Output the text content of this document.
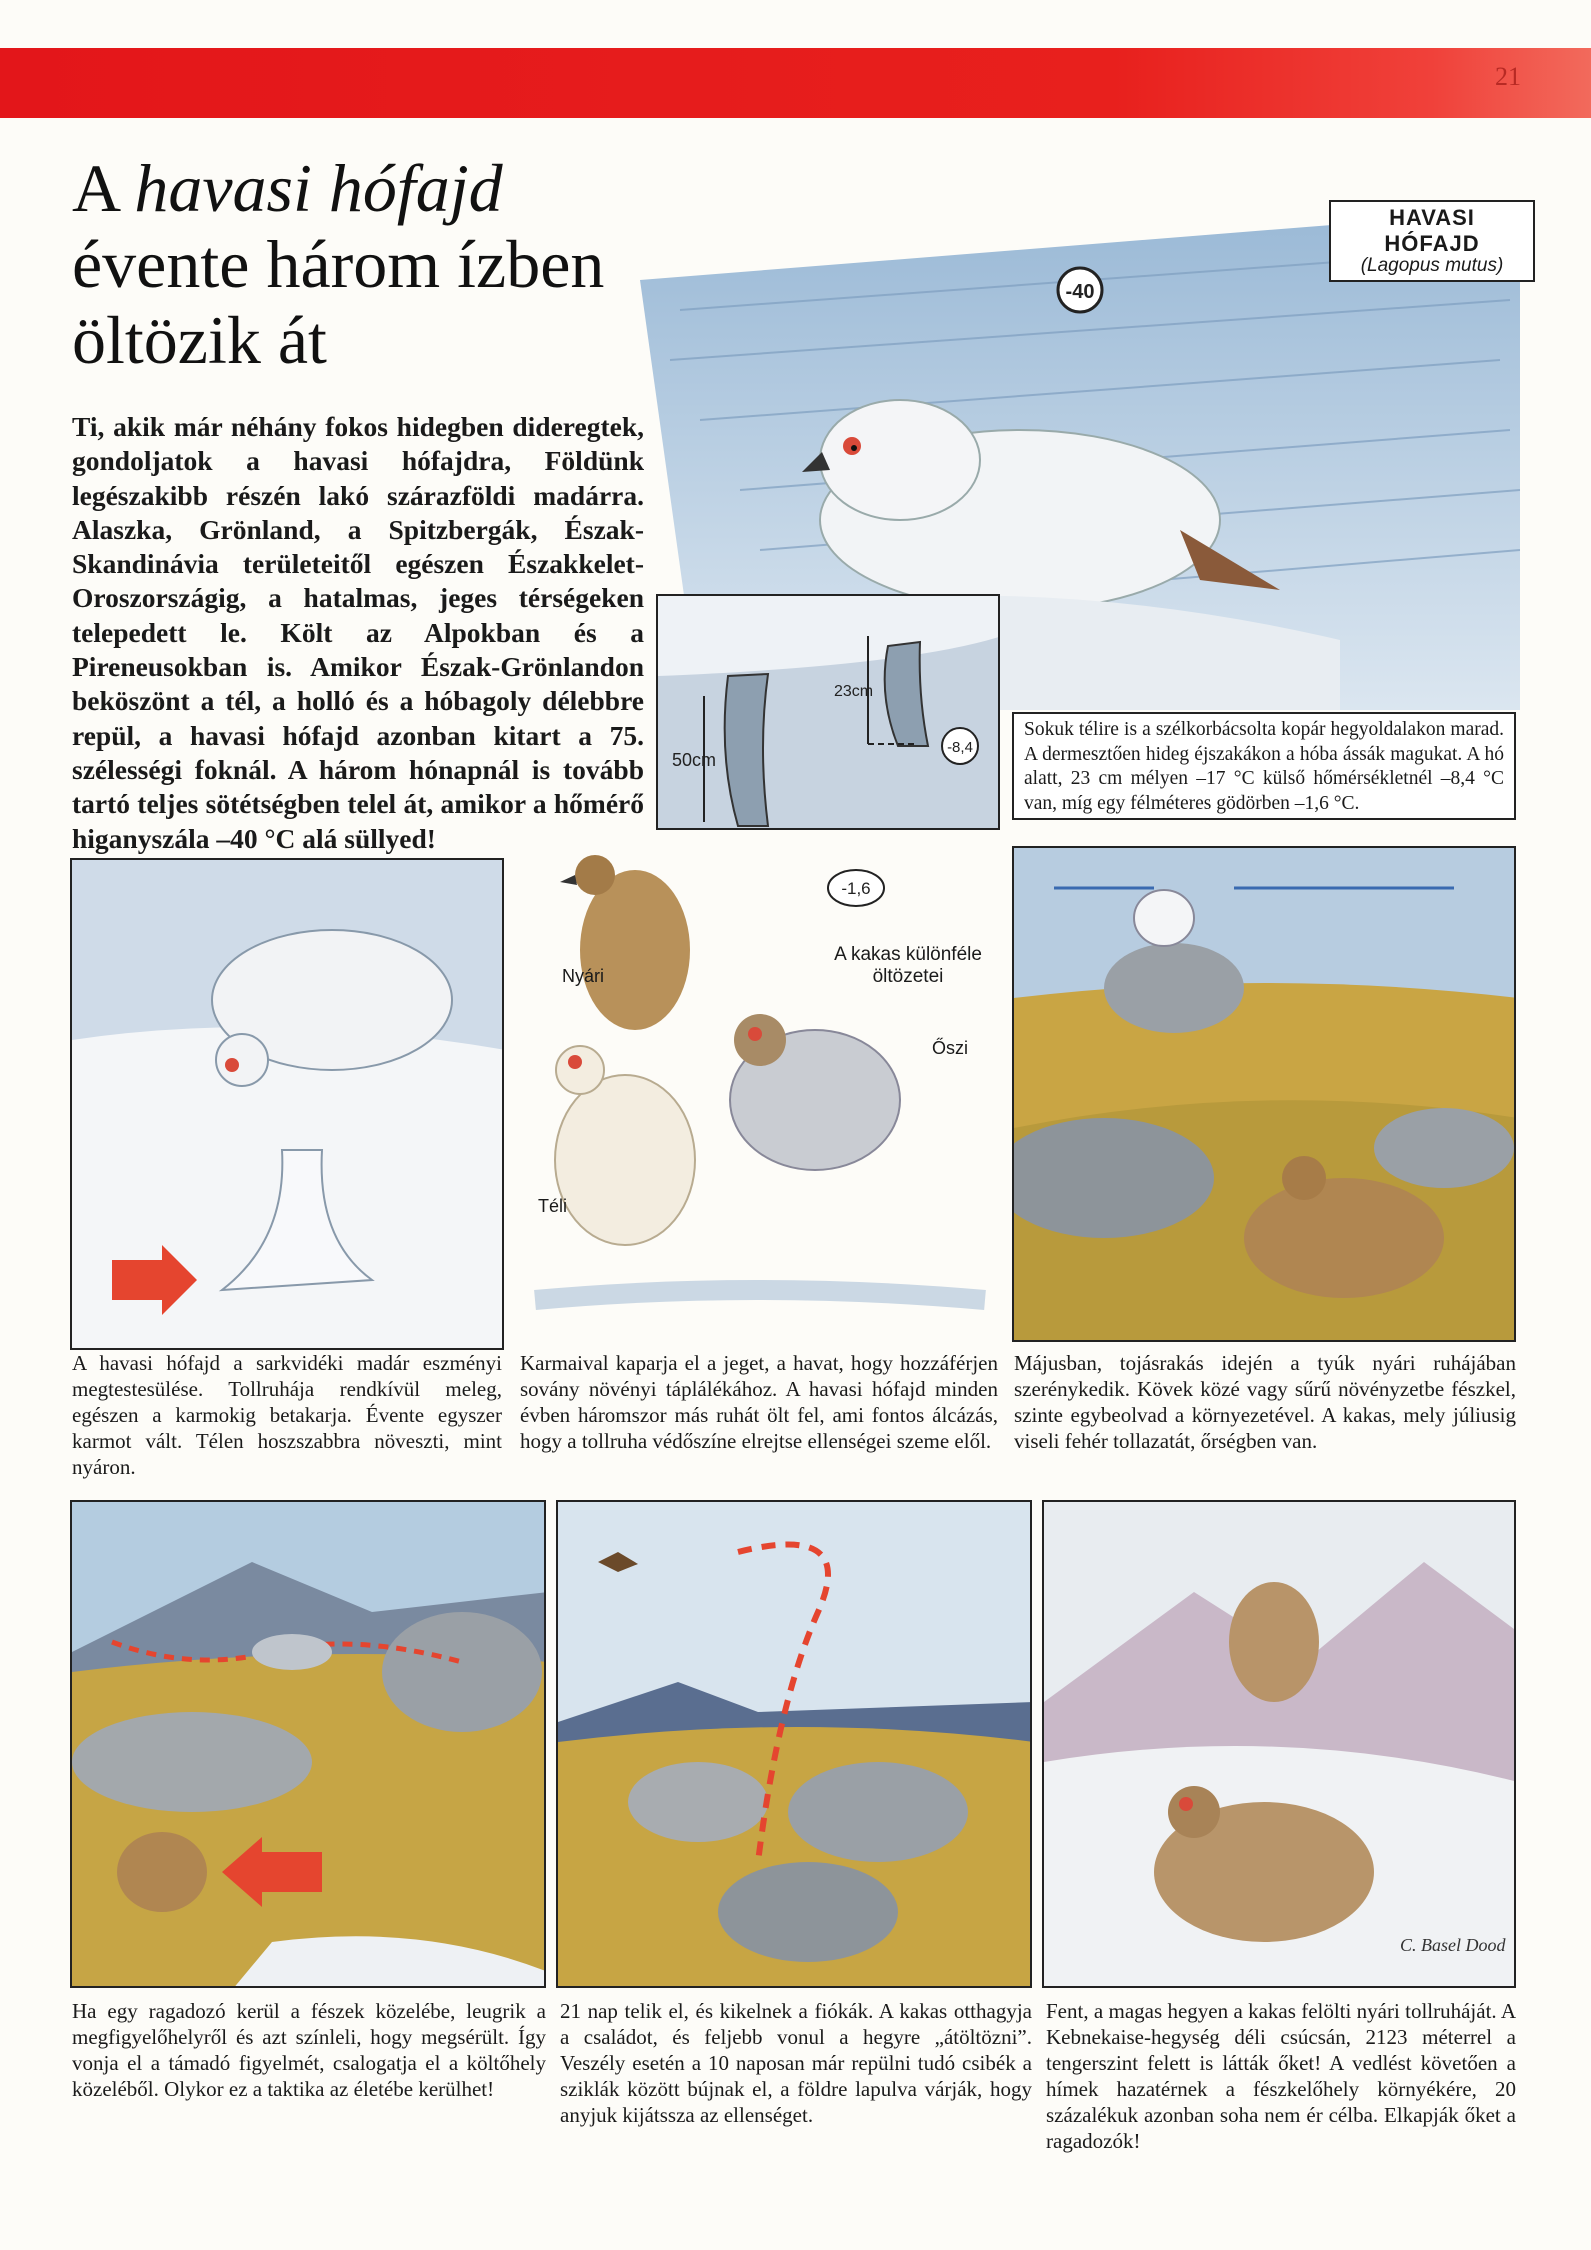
21
A havasi hófajd
évente három ízben öltözik át
Ti, akik már néhány fokos hidegben dideregtek, gondoljatok a havasi hófajdra, Földünk legészakibb részén lakó szárazföldi madárra. Alaszka, Grönland, a Spitzbergák, Észak-Skandinávia területeitől egészen Északkelet-Oroszországig, a hatalmas, jeges térségeken telepedett le. Költ az Alpokban és a Pireneusokban is. Amikor Észak-Grönlandon beköszönt a tél, a holló és a hóbagoly délebbre repül, a havasi hófajd azonban kitart a 75. szélességi foknál. A három hónapnál is tovább tartó teljes sötétségben telel át, amikor a hőmérő higanyszála –40 °C alá süllyed!
-40
HAVASI HÓFAJD
(Lagopus mutus)
50cm
23cm
-8,4
-1,6
Sokuk télire is a szélkorbácsolta kopár hegyoldalakon marad. A dermesztően hideg éjszakákon a hóba ássák magukat. A hó alatt, 23 cm mélyen –17 °C külső hőmérsékletnél –8,4 °C van, míg egy félméteres gödörben –1,6 °C.
A kakas különféle öltözetei
Nyári
Őszi
Téli
A havasi hófajd a sarkvidéki madár eszményi megtestesülése. Tollruhája rendkívül meleg, egészen a karmokig betakarja. Évente egyszer karmot vált. Télen hoszszabbra növeszti, mint nyáron.
Karmaival kaparja el a jeget, a havat, hogy hozzáférjen sovány növényi táplálékához. A havasi hófajd minden évben háromszor más ruhát ölt fel, ami fontos álcázás, hogy a tollruha védőszíne elrejtse ellenségei szeme elől.
Májusban, tojásrakás idején a tyúk nyári ruhájában szerénykedik. Kövek közé vagy sűrű növényzetbe fészkel, szinte egybeolvad a környezetével. A kakas, mely júliusig viseli fehér tollazatát, őrségben van.
C. Basel Dood
Ha egy ragadozó kerül a fészek közelébe, leugrik a megfigyelőhelyről és azt színleli, hogy megsérült. Így vonja el a támadó figyelmét, csalogatja el a költőhely közeléből. Olykor ez a taktika az életébe kerülhet!
21 nap telik el, és kikelnek a fiókák. A kakas otthagyja a családot, és feljebb vonul a hegyre „átöltözni”. Veszély esetén a 10 naposan már repülni tudó csibék a sziklák között bújnak el, a földre lapulva várják, hogy anyjuk kijátssza az ellenséget.
Fent, a magas hegyen a kakas felölti nyári tollruháját. A Kebnekaise-hegység déli csúcsán, 2123 méterrel a tengerszint felett is látták őket! A vedlést követően a hímek hazatérnek a fészkelőhely környékére, 20 százalékuk azonban soha nem ér célba. Elkapják őket a ragadozók!
